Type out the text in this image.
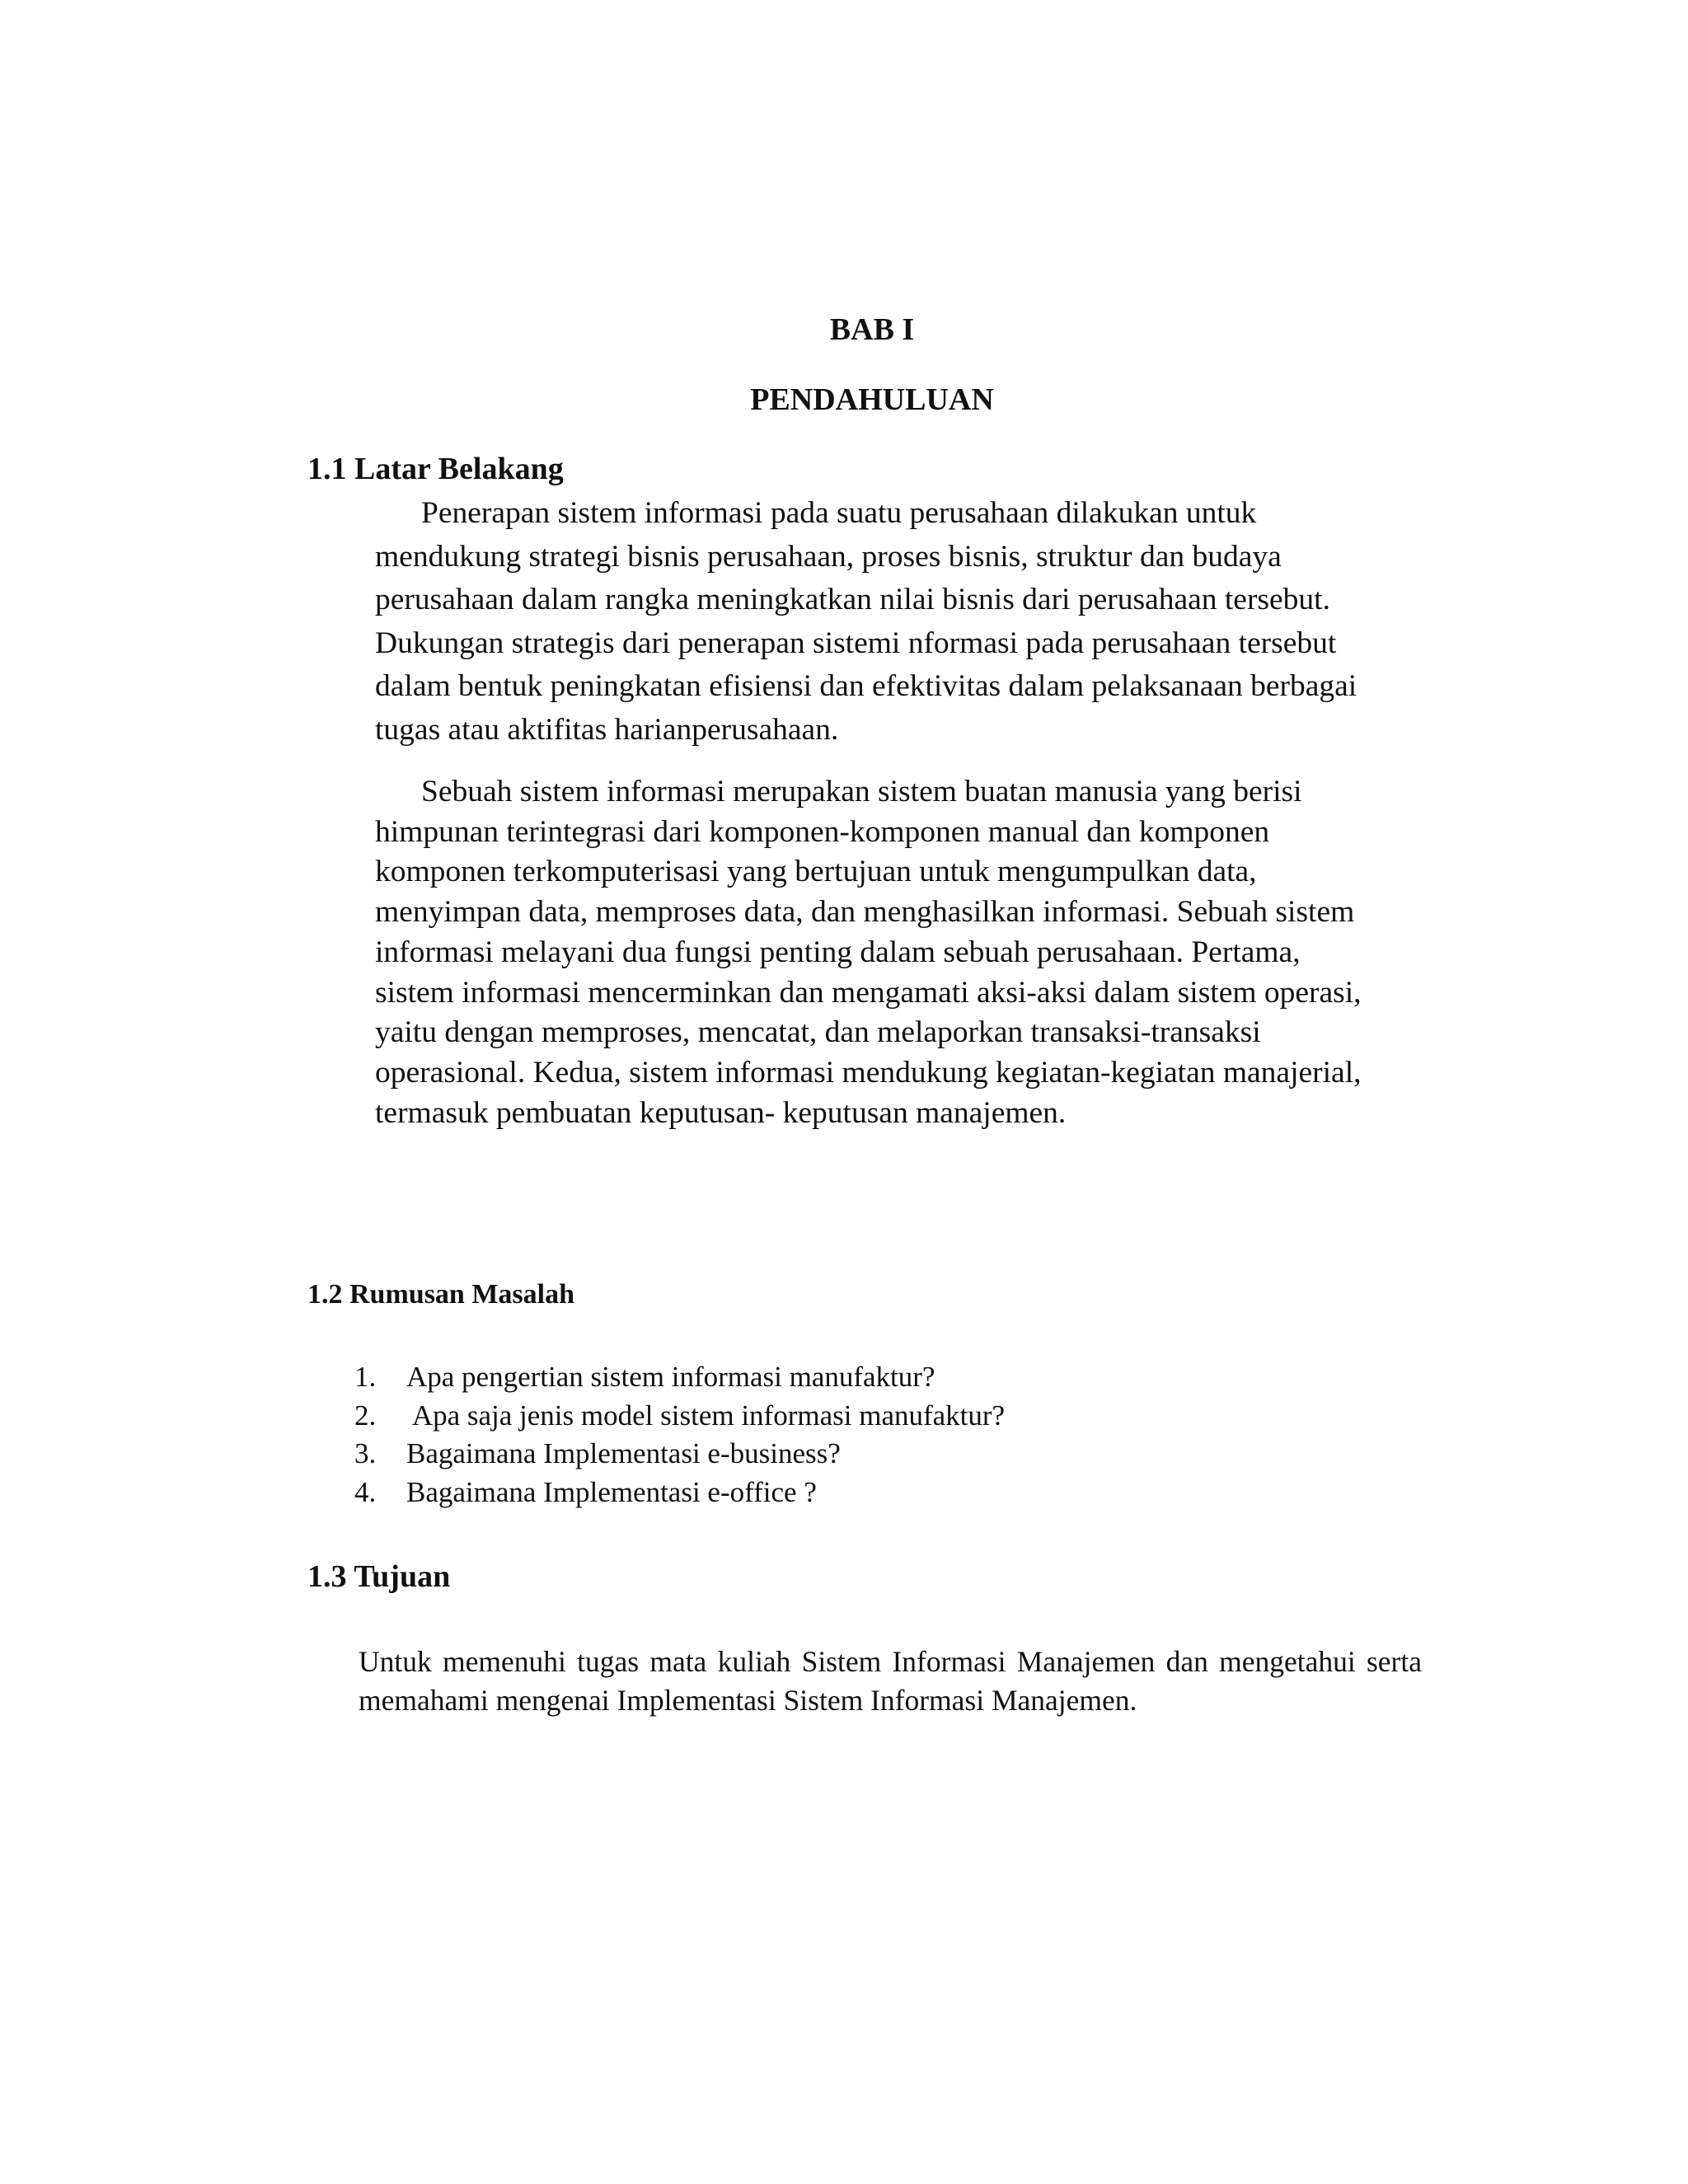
BAB I
PENDAHULUAN
1.1 Latar Belakang
Penerapan sistem informasi pada suatu perusahaan dilakukan untuk
mendukung strategi bisnis perusahaan, proses bisnis, struktur dan budaya
perusahaan dalam rangka meningkatkan nilai bisnis dari perusahaan tersebut.
Dukungan strategis dari penerapan sistemi nformasi pada perusahaan tersebut
dalam bentuk peningkatan efisiensi dan efektivitas dalam pelaksanaan berbagai
tugas atau aktifitas harianperusahaan.
Sebuah sistem informasi merupakan sistem buatan manusia yang berisi
himpunan terintegrasi dari komponen-komponen manual dan komponen
komponen terkomputerisasi yang bertujuan untuk mengumpulkan data,
menyimpan data, memproses data, dan menghasilkan informasi. Sebuah sistem
informasi melayani dua fungsi penting dalam sebuah perusahaan. Pertama,
sistem informasi mencerminkan dan mengamati aksi-aksi dalam sistem operasi,
yaitu dengan memproses, mencatat, dan melaporkan transaksi-transaksi
operasional. Kedua, sistem informasi mendukung kegiatan-kegiatan manajerial,
termasuk pembuatan keputusan- keputusan manajemen.
1.2 Rumusan Masalah
1.	Apa pengertian sistem informasi manufaktur?
2.	Apa saja jenis model sistem informasi manufaktur?
3.	Bagaimana Implementasi e-business?
4.	Bagaimana Implementasi e-office ?
1.3 Tujuan
Untuk memenuhi tugas mata kuliah Sistem Informasi Manajemen dan mengetahui serta
memahami mengenai Implementasi Sistem Informasi Manajemen.
